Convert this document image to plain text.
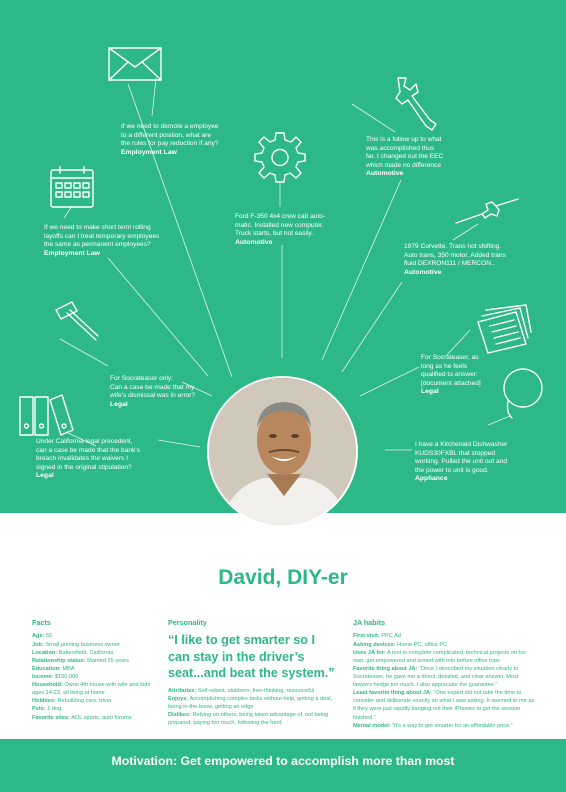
If we need to demote a employee

to a different position, what are

the rules for pay reduction if any?

Employment Law

This is a follow up to what

was accomplished thus

far. I changed out the EEC

which made no difference

Automotive

Ford F-350 4x4 crew cab auto-

matic. Installed new computer.

Truck starts, but not easily.

Automotive

If we need to make short term rolling

layoffs can I treat temporary employees

the same as permanent employees?

Employment Law

1979 Corvette. Trans not shifting.

Auto trans, 350 motor. Added trans

fluid DEXRON111 / MERCON..

Automotive

For Socrateaser, as

long as he feels

qualified to answer:

[document attached]

Legal

For Socrateaser only:

Can a case be made that my

wife's dismissal was in error?

Legal

Under California legal precedent,

can a case be made that the bank's

breach invalidates the waivers I

signed in the original stipulation?

Legal

I have a Kitchenaid Dishwasher

KUDS30FXBL that stopped

working. Pulled the unit out and

the power to unit is good.

Appliance

David, DIY-er
Facts

Age: 55

Job: Small printing business owner

Location: Bakersfield, California

Relationship status: Married 25 years

Education: MBA

Income: $150,000

Household: Owns 4th house with wife and kids ages 14-23, all living at home

Hobbies: Rebuilding cars, trivia

Pets: 1 dog

Favorite sites: AOL sports, auto forums

Personality

“I like to get smarter so I can stay in the driver’s seat...and beat the system.”

Attributes: Self-reliant, stubborn, free-thinking, resourceful

Enjoys: Accomplishing complex tasks without help, getting a deal, being in-the-know, getting an edge

Dislikes: Relying on others, being taken advantage of, not being prepared, paying too much, following the herd

JA habits

First visit: PPC Ad

Asking devices: Home PC, office PC

Uses JA for: A tool to complete complicated, technical projects on his own, get empowered and armed with info before office trips

Favorite thing about JA: “Once I described my situation clearly to Socrateaser, he gave me a direct, detailed, and clear answer. Most lawyers hedge too much. I also appreciate the guarantee.”

Least favorite thing about JA: “One expert did not take the time to consider and deliberate exactly on what I was asking. It seemed to me as if they were just rapidly banging out their iPhones to get the session finished.”

Mental model: “It’s a way to get smarter for an affordable price.”

Motivation: Get empowered to accomplish more than most
